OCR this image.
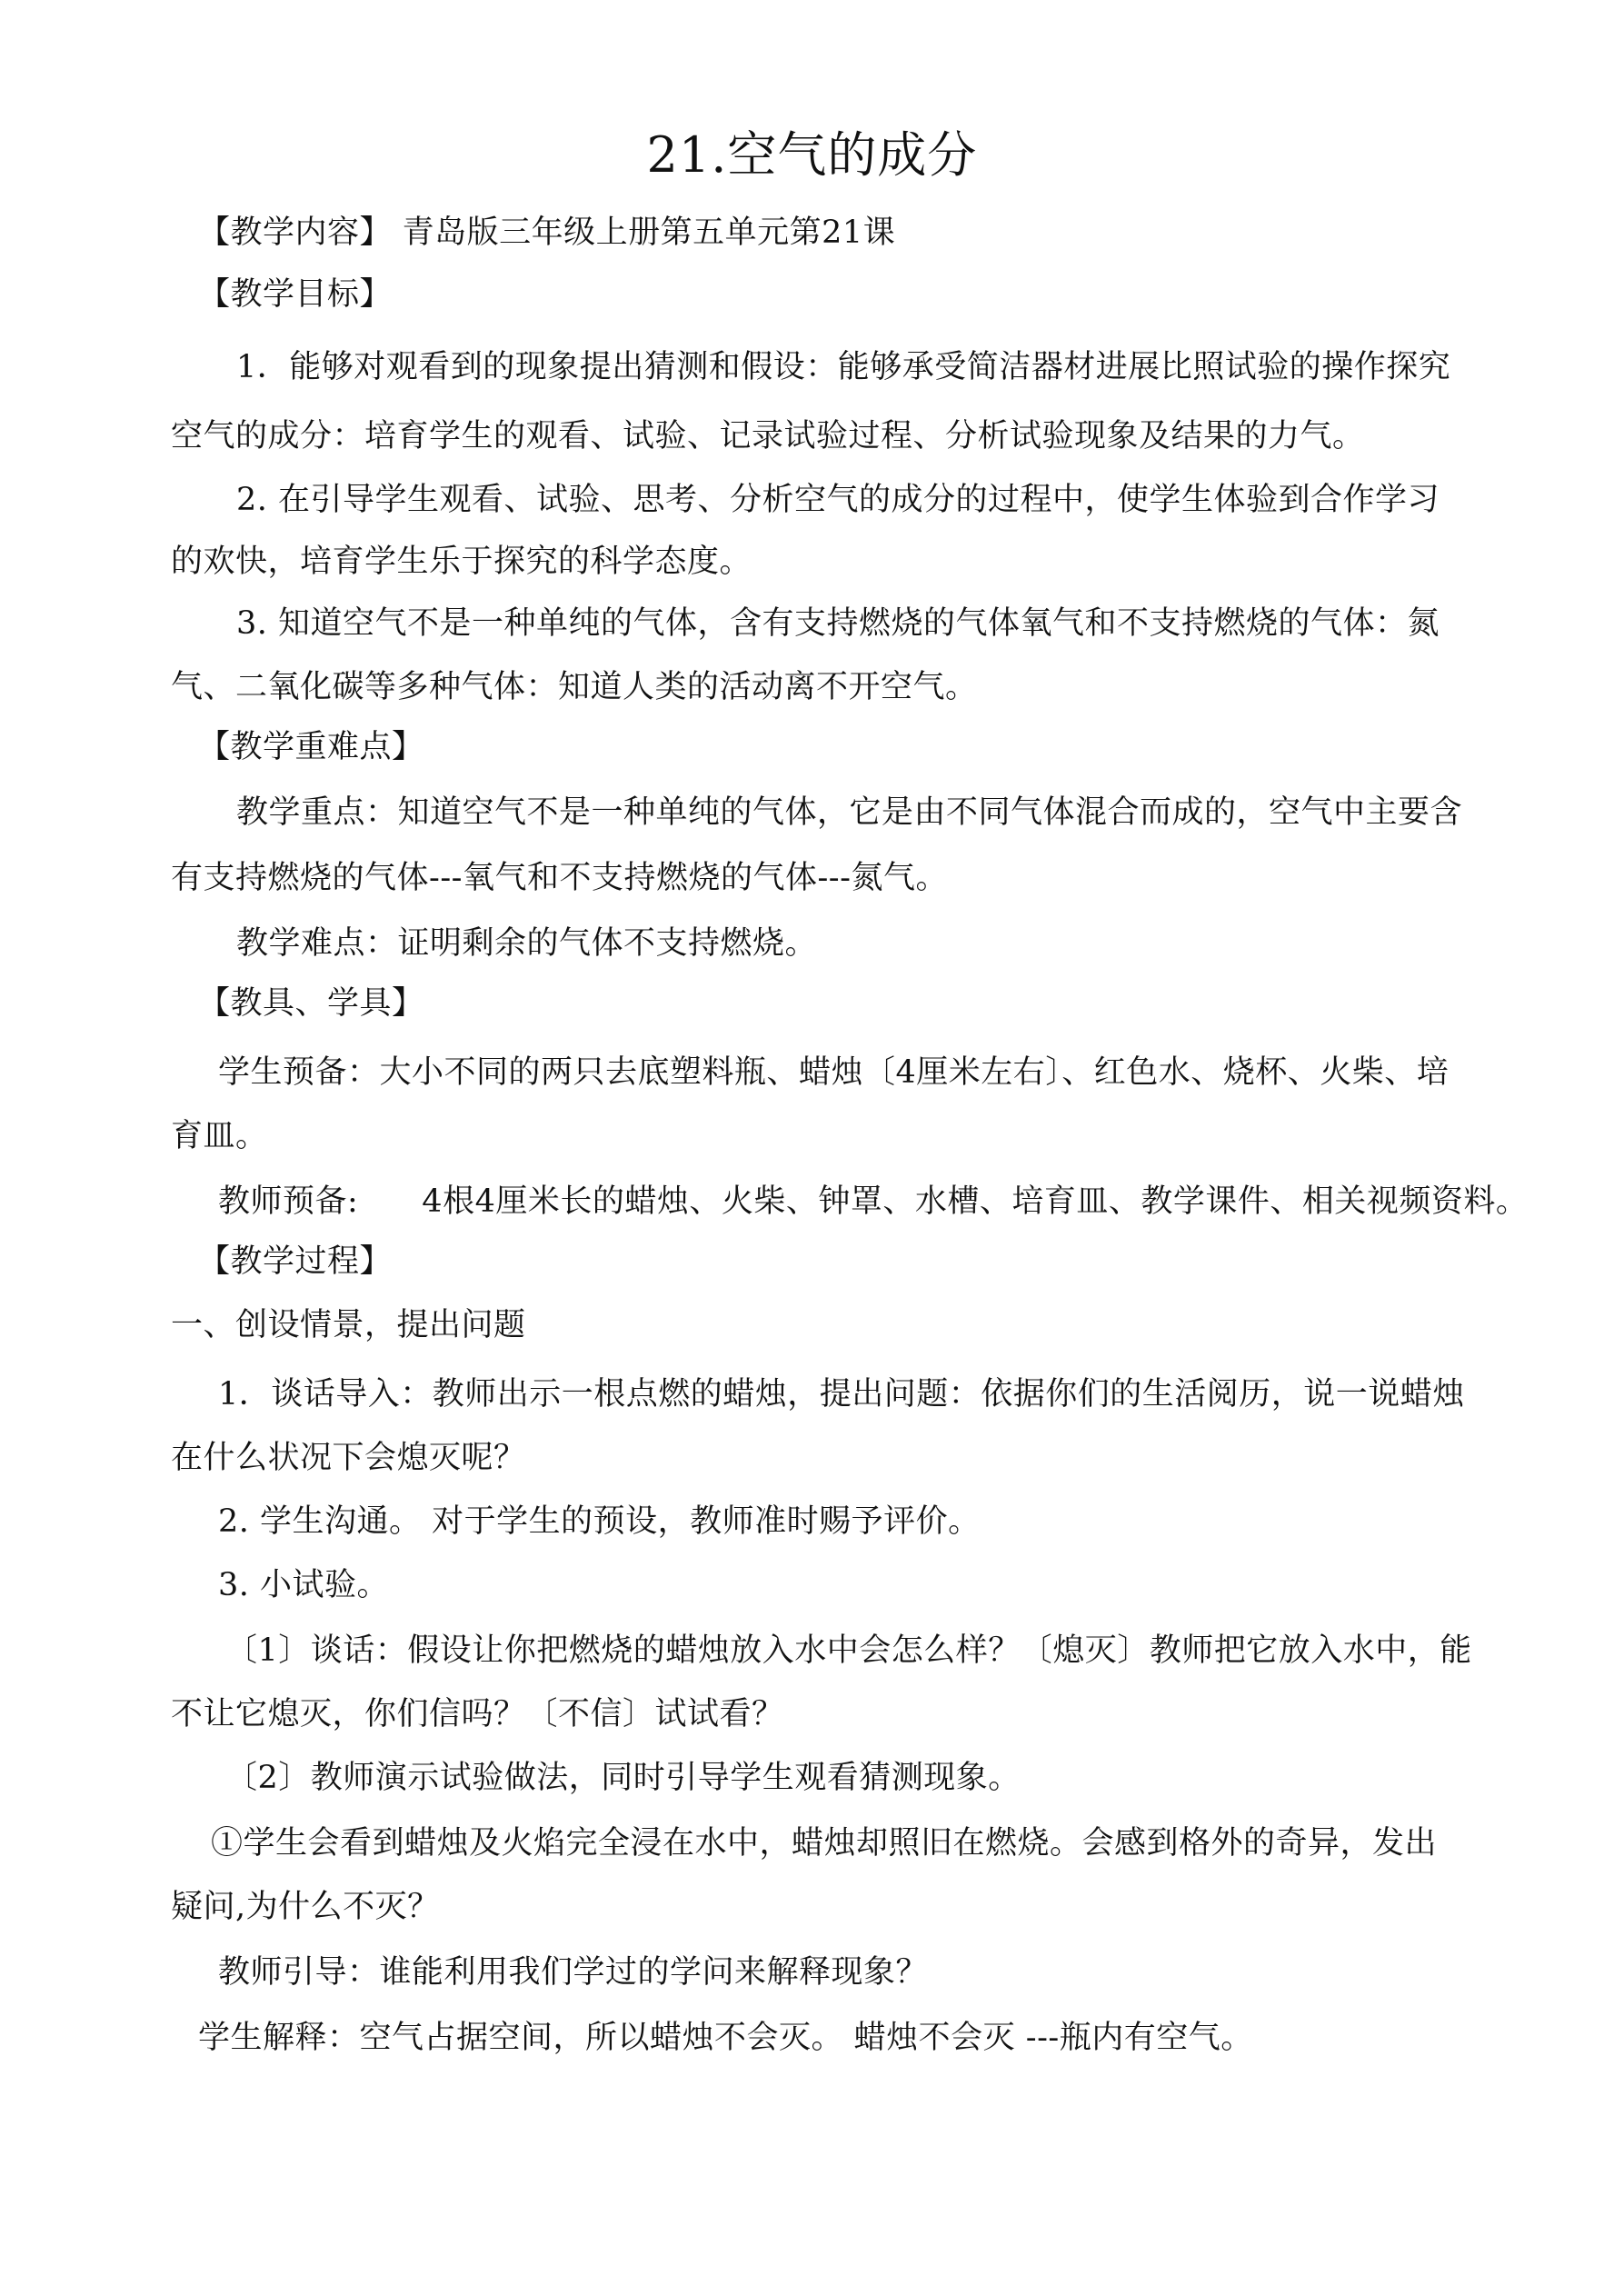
21.空气的成分
【教学内容】 青岛版三年级上册第五单元第21课
【教学目标】
1．能够对观看到的现象提出猜测和假设：能够承受简洁器材进展比照试验的操作探究
空气的成分：培育学生的观看、试验、记录试验过程、分析试验现象及结果的力气。
2. 在引导学生观看、试验、思考、分析空气的成分的过程中，使学生体验到合作学习
的欢快，培育学生乐于探究的科学态度。
3. 知道空气不是一种单纯的气体，含有支持燃烧的气体氧气和不支持燃烧的气体：氮
气、二氧化碳等多种气体：知道人类的活动离不开空气。
【教学重难点】
教学重点：知道空气不是一种单纯的气体，它是由不同气体混合而成的，空气中主要含
有支持燃烧的气体---氧气和不支持燃烧的气体---氮气。
教学难点：证明剩余的气体不支持燃烧。
【教具、学具】
学生预备：大小不同的两只去底塑料瓶、蜡烛〔4厘米左右〕、红色水、烧杯、火柴、培
育皿。
教师预备: 4根4厘米长的蜡烛、火柴、钟罩、水槽、培育皿、教学课件、相关视频资料。
【教学过程】
一、创设情景，提出问题
1．谈话导入：教师出示一根点燃的蜡烛，提出问题：依据你们的生活阅历，说一说蜡烛
在什么状况下会熄灭呢？
2. 学生沟通。 对于学生的预设，教师准时赐予评价。
3. 小试验。
〔1〕谈话：假设让你把燃烧的蜡烛放入水中会怎么样？〔熄灭〕教师把它放入水中，能
不让它熄灭，你们信吗？〔不信〕试试看？
〔2〕教师演示试验做法，同时引导学生观看猜测现象。
①学生会看到蜡烛及火焰完全浸在水中，蜡烛却照旧在燃烧。会感到格外的奇异，发出
疑问,为什么不灭？
教师引导：谁能利用我们学过的学问来解释现象？
学生解释：空气占据空间，所以蜡烛不会灭。 蜡烛不会灭 ---瓶内有空气。
